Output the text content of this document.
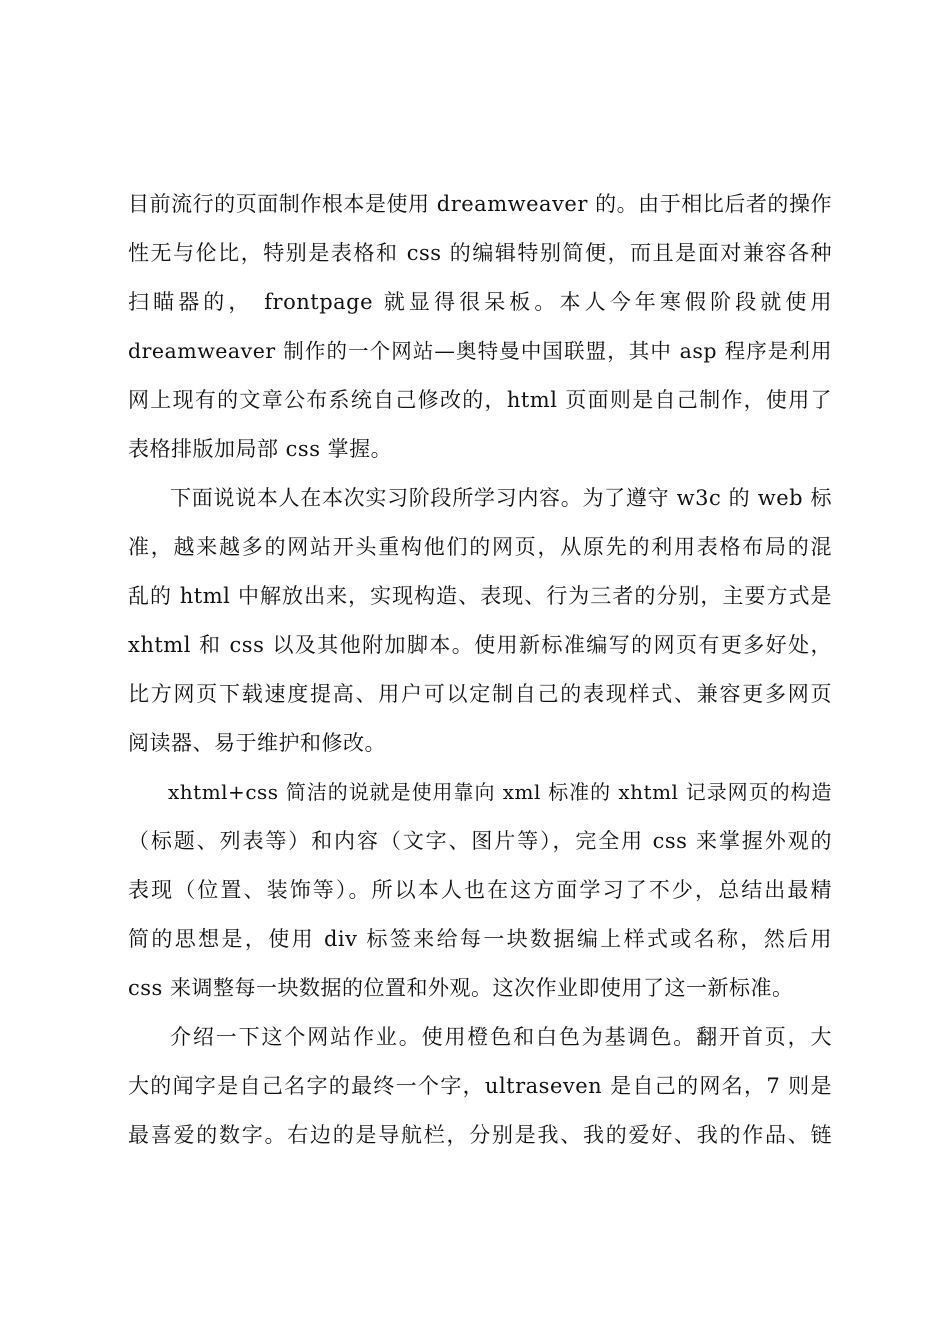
目前流行的页面制作根本是使用 dreamweaver 的。由于相比后者的操作
性无与伦比，特别是表格和 css 的编辑特别简便，而且是面对兼容各种
扫瞄器的， frontpage 就显得很呆板。本人今年寒假阶段就使用
dreamweaver 制作的一个网站—奥特曼中国联盟，其中 asp 程序是利用
网上现有的文章公布系统自己修改的，html 页面则是自己制作，使用了
表格排版加局部 css 掌握。
下面说说本人在本次实习阶段所学习内容。为了遵守 w3c 的 web 标
准，越来越多的网站开头重构他们的网页，从原先的利用表格布局的混
乱的 html 中解放出来，实现构造、表现、行为三者的分别，主要方式是
xhtml 和 css 以及其他附加脚本。使用新标准编写的网页有更多好处，
比方网页下载速度提高、用户可以定制自己的表现样式、兼容更多网页
阅读器、易于维护和修改。
xhtml+css 简洁的说就是使用靠向 xml 标准的 xhtml 记录网页的构造
（标题、列表等）和内容（文字、图片等），完全用 css 来掌握外观的
表现（位置、装饰等）。所以本人也在这方面学习了不少，总结出最精
简的思想是，使用 div 标签来给每一块数据编上样式或名称，然后用
css 来调整每一块数据的位置和外观。这次作业即使用了这一新标准。
介绍一下这个网站作业。使用橙色和白色为基调色。翻开首页，大
大的闻字是自己名字的最终一个字，ultraseven 是自己的网名，7 则是
最喜爱的数字。右边的是导航栏，分别是我、我的爱好、我的作品、链
